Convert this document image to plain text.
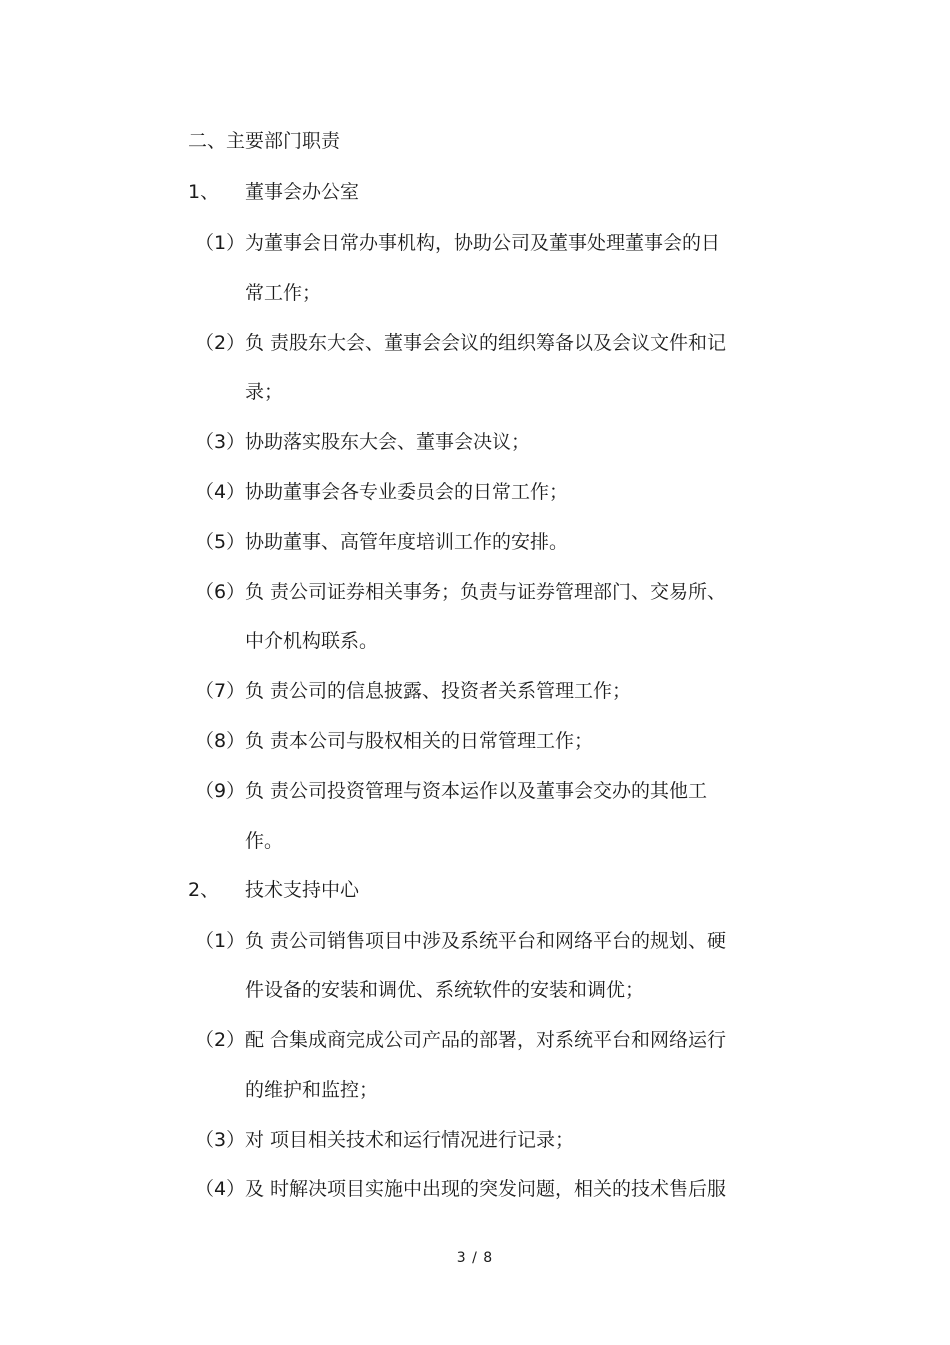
二、主要部门职责
1、 董事会办公室
（1） 为董事会日常办事机构，协助公司及董事处理董事会的日
常工作；
（2） 负 责股东大会、董事会会议的组织筹备以及会议文件和记
录；
（3） 协助落实股东大会、董事会决议；
（4） 协助董事会各专业委员会的日常工作；
（5） 协助董事、高管年度培训工作的安排。
（6） 负 责公司证券相关事务；负责与证券管理部门、交易所、
中介机构联系。
（7） 负 责公司的信息披露、投资者关系管理工作；
（8） 负 责本公司与股权相关的日常管理工作；
（9） 负 责公司投资管理与资本运作以及董事会交办的其他工
作。
2、 技术支持中心
（1） 负 责公司销售项目中涉及系统平台和网络平台的规划、硬
件设备的安装和调优、系统软件的安装和调优；
（2） 配 合集成商完成公司产品的部署，对系统平台和网络运行
的维护和监控；
（3） 对 项目相关技术和运行情况进行记录；
（4） 及 时解决项目实施中出现的突发问题，相关的技术售后服
3 / 8
